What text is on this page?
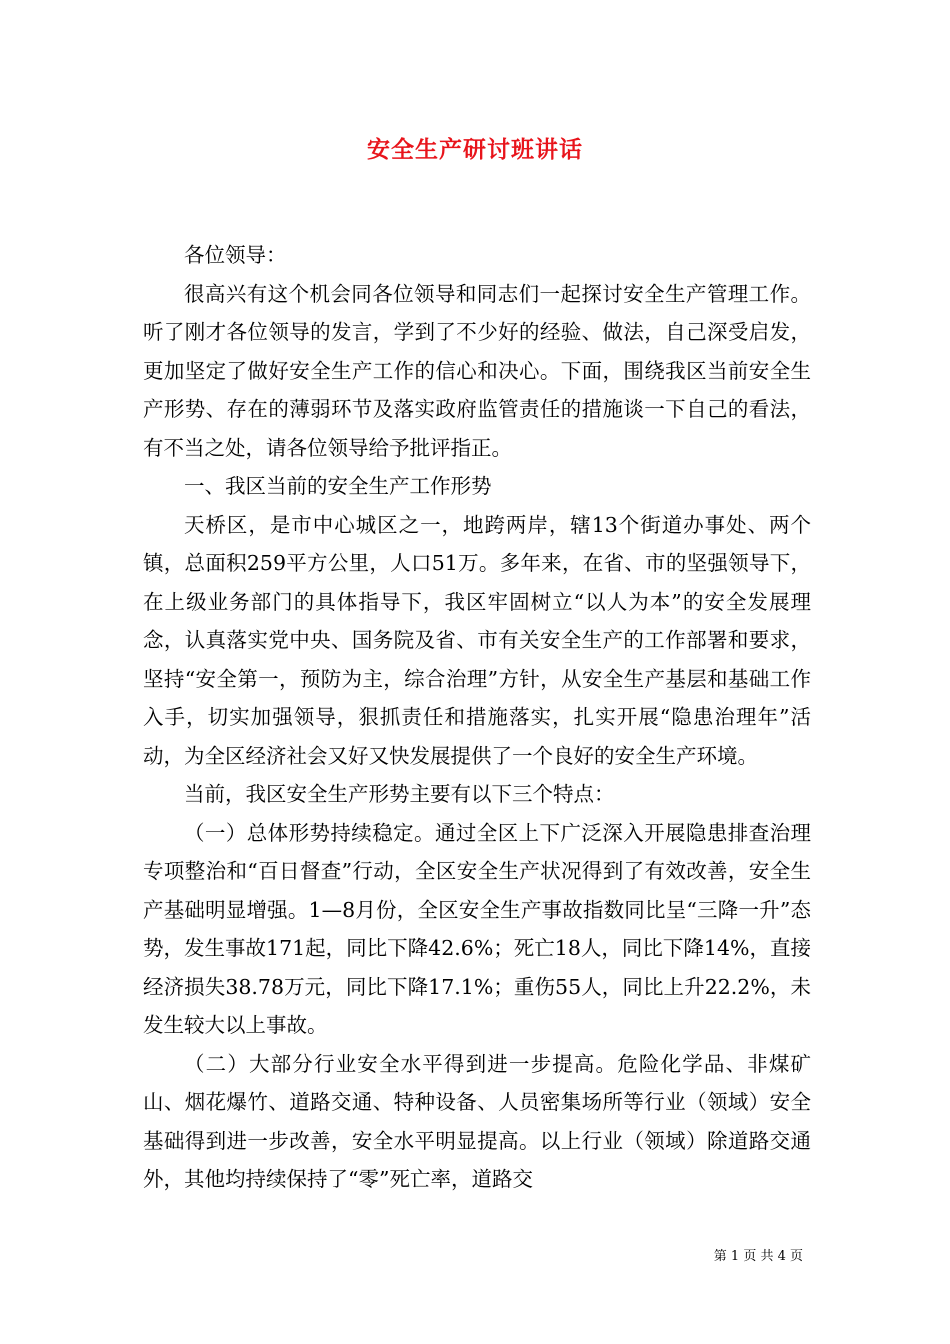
安全生产研讨班讲话

各位领导：

很高兴有这个机会同各位领导和同志们一起探讨安全生产管理工作。听了刚才各位领导的发言，学到了不少好的经验、做法，自己深受启发，更加坚定了做好安全生产工作的信心和决心。下面，围绕我区当前安全生产形势、存在的薄弱环节及落实政府监管责任的措施谈一下自己的看法，有不当之处，请各位领导给予批评指正。

一、我区当前的安全生产工作形势

天桥区，是市中心城区之一，地跨两岸，辖13个街道办事处、两个镇，总面积259平方公里，人口51万。多年来，在省、市的坚强领导下，在上级业务部门的具体指导下，我区牢固树立“以人为本”的安全发展理念，认真落实党中央、国务院及省、市有关安全生产的工作部署和要求，坚持“安全第一，预防为主，综合治理”方针，从安全生产基层和基础工作入手，切实加强领导，狠抓责任和措施落实，扎实开展“隐患治理年”活动，为全区经济社会又好又快发展提供了一个良好的安全生产环境。

当前，我区安全生产形势主要有以下三个特点：

（一）总体形势持续稳定。通过全区上下广泛深入开展隐患排查治理专项整治和“百日督查”行动，全区安全生产状况得到了有效改善，安全生产基础明显增强。1—8月份，全区安全生产事故指数同比呈“三降一升”态势，发生事故171起，同比下降42.6%；死亡18人，同比下降14%，直接经济损失38.78万元，同比下降17.1%；重伤55人，同比上升22.2%，未发生较大以上事故。

（二）大部分行业安全水平得到进一步提高。危险化学品、非煤矿山、烟花爆竹、道路交通、特种设备、人员密集场所等行业（领域）安全基础得到进一步改善，安全水平明显提高。以上行业（领域）除道路交通外，其他均持续保持了“零”死亡率，道路交

第 1 页 共 4 页
